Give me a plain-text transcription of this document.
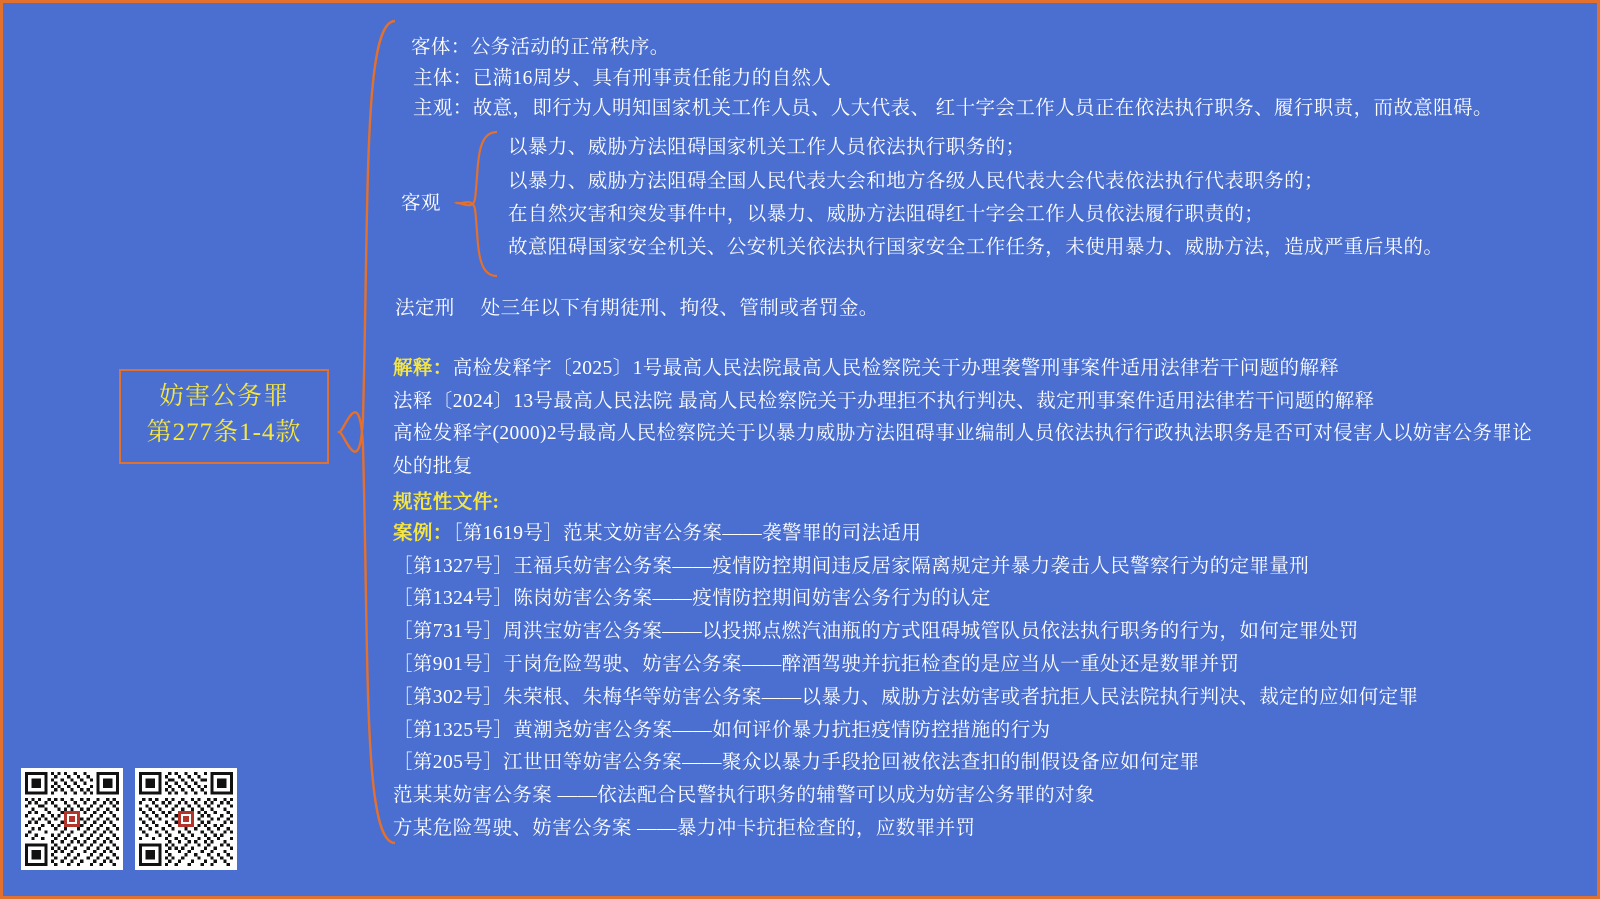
妨害公务罪
第277条1-4款
客体：公务活动的正常秩序。
主体：已满16周岁、具有刑事责任能力的自然人
主观：故意，即行为人明知国家机关工作人员、人大代表、 红十字会工作人员正在依法执行职务、履行职责，而故意阻碍。
客观
以暴力、威胁方法阻碍国家机关工作人员依法执行职务的；
以暴力、威胁方法阻碍全国人民代表大会和地方各级人民代表大会代表依法执行代表职务的；
在自然灾害和突发事件中，以暴力、威胁方法阻碍红十字会工作人员依法履行职责的；
故意阻碍国家安全机关、公安机关依法执行国家安全工作任务，未使用暴力、威胁方法，造成严重后果的。
法定刑 处三年以下有期徒刑、拘役、管制或者罚金。
解释：高检发释字〔2025〕1号最高人民法院最高人民检察院关于办理袭警刑事案件适用法律若干问题的解释
法释〔2024〕13号最高人民法院 最高人民检察院关于办理拒不执行判决、裁定刑事案件适用法律若干问题的解释
高检发释字(2000)2号最高人民检察院关于以暴力威胁方法阻碍事业编制人员依法执行行政执法职务是否可对侵害人以妨害公务罪论
处的批复
规范性文件:
案例：［第1619号］范某文妨害公务案——袭警罪的司法适用
［第1327号］王福兵妨害公务案——疫情防控期间违反居家隔离规定并暴力袭击人民警察行为的定罪量刑
［第1324号］陈岗妨害公务案——疫情防控期间妨害公务行为的认定
［第731号］周洪宝妨害公务案——以投掷点燃汽油瓶的方式阻碍城管队员依法执行职务的行为，如何定罪处罚
［第901号］于岗危险驾驶、妨害公务案——醉酒驾驶并抗拒检查的是应当从一重处还是数罪并罚
［第302号］朱荣根、朱梅华等妨害公务案——以暴力、威胁方法妨害或者抗拒人民法院执行判决、裁定的应如何定罪
［第1325号］黄潮尧妨害公务案——如何评价暴力抗拒疫情防控措施的行为
［第205号］江世田等妨害公务案——聚众以暴力手段抢回被依法查扣的制假设备应如何定罪
范某某妨害公务案 ——依法配合民警执行职务的辅警可以成为妨害公务罪的对象
方某危险驾驶、妨害公务案 ——暴力冲卡抗拒检查的，应数罪并罚
